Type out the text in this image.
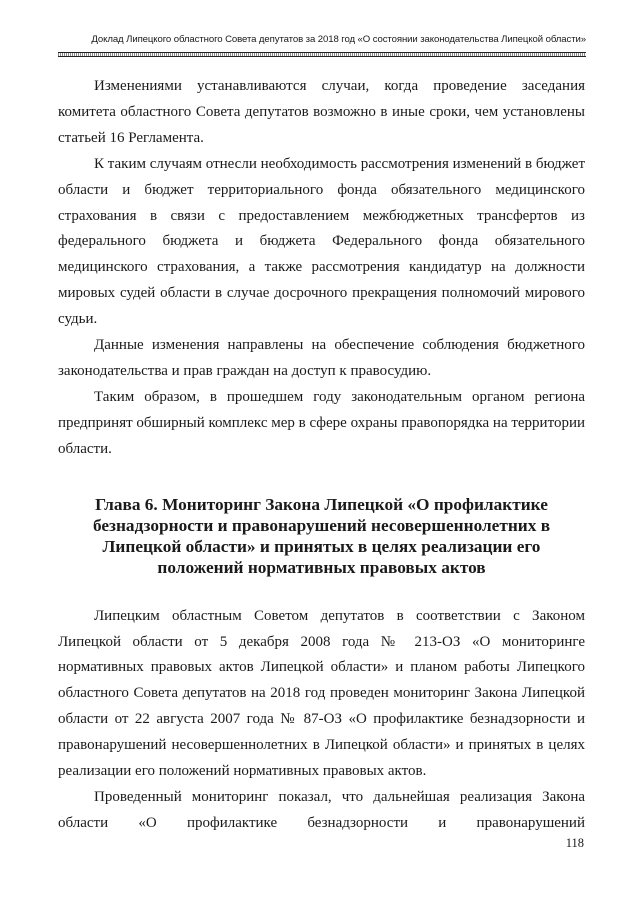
Доклад Липецкого областного Совета депутатов за 2018 год «О состоянии законодательства Липецкой области»

Изменениями устанавливаются случаи, когда проведение заседания комитета областного Совета депутатов возможно в иные сроки, чем установлены статьей 16 Регламента.

К таким случаям отнесли необходимость рассмотрения изменений в бюджет области и бюджет территориального фонда обязательного медицинского страхования в связи с предоставлением межбюджетных трансфертов из федерального бюджета и бюджета Федерального фонда обязательного медицинского страхования, а также рассмотрения кандидатур на должности мировых судей области в случае досрочного прекращения полномочий мирового судьи.

Данные изменения направлены на обеспечение соблюдения бюджетного законодательства и прав граждан на доступ к правосудию.

Таким образом, в прошедшем году законодательным органом региона предпринят обширный комплекс мер в сфере охраны правопорядка на территории области.

Глава 6. Мониторинг Закона Липецкой «О профилактике безнадзорности и правонарушений несовершеннолетних в Липецкой области» и принятых в целях реализации его положений нормативных правовых актов

Липецким областным Советом депутатов в соответствии с Законом Липецкой области от 5 декабря 2008 года № 213-ОЗ «О мониторинге нормативных правовых актов Липецкой области» и планом работы Липецкого областного Совета депутатов на 2018 год проведен мониторинг Закона Липецкой области от 22 августа 2007 года № 87-ОЗ «О профилактике безнадзорности и правонарушений несовершеннолетних в Липецкой области» и принятых в целях реализации его положений нормативных правовых актов.

Проведенный мониторинг показал, что дальнейшая реализация Закона области «О профилактике безнадзорности и правонарушений

118
